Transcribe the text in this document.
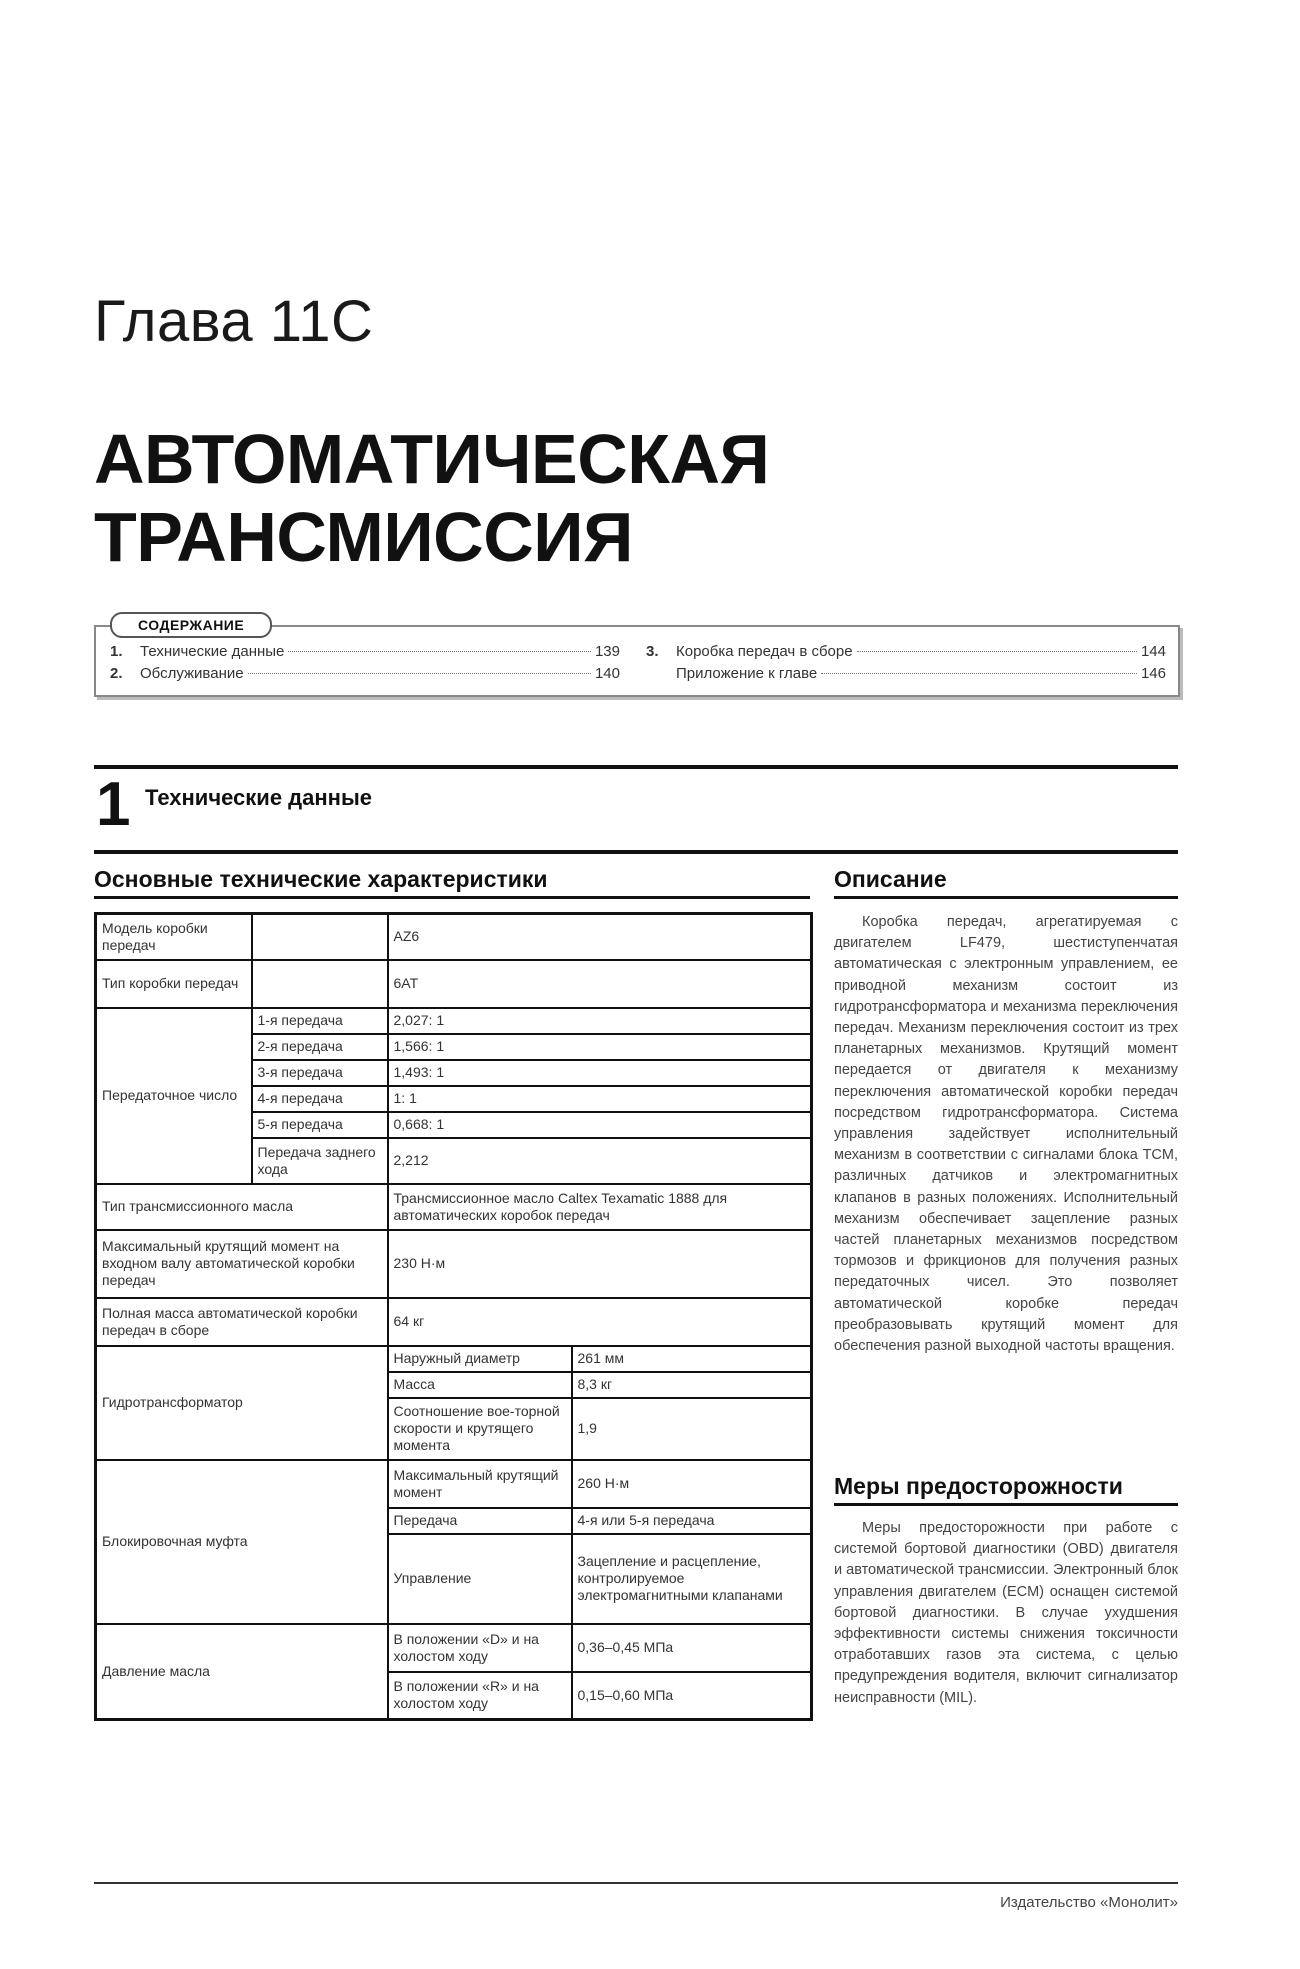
Глава 11С
АВТОМАТИЧЕСКАЯ
ТРАНСМИССИЯ
СОДЕРЖАНИЕ
1.	Технические данные	139
2.	Обслуживание	140
3.	Коробка передач в сборе	144
Приложение к главе	146
1 Технические данные
Основные технические характеристики	Описание
Модель коробки передач		AZ6	
Тип коробки передач		6AT	
Передаточное число	1-я передача	2,027: 1	
	2-я передача	1,566: 1	
	3-я передача	1,493: 1	
	4-я передача	1: 1	
	5-я передача	0,668: 1	
	Передача заднего хода	2,212	
Тип трансмиссионного масла		Трансмиссионное масло Caltex Texamatic 1888 для автоматических коробок передач	
Максимальный крутящий момент на входном валу автоматической коробки передач		230 Н·м	
Полная масса автоматической коробки передач в сборе		64 кг	
Гидротрансформатор		Наружный диаметр	261 мм
		Масса	8,3 кг
		Соотношение вое-торной скорости и крутящего момента	1,9
Блокировочная муфта		Максимальный крутящий момент	260 Н·м
		Передача	4-я или 5-я передача
		Управление	Зацепление и расцепление, контролируемое электромагнитными клапанами
Давление масла		В положении «D» и на холостом ходу	0,36–0,45 МПа
		В положении «R» и на холостом ходу	0,15–0,60 МПа

Коробка передач, агрегатируемая с двигателем LF479, шестиступенчатая автоматическая с электронным управлением, ее приводной механизм состоит из гидротрансформатора и механизма переключения передач. Механизм переключения состоит из трех планетарных механизмов. Крутящий момент передается от двигателя к механизму переключения автоматической коробки передач посредством гидротрансформатора. Система управления задействует исполнительный механизм в соответствии с сигналами блока TCM, различных датчиков и электромагнитных клапанов в разных положениях. Исполнительный механизм обеспечивает зацепление разных частей планетарных механизмов посредством тормозов и фрикционов для получения разных передаточных чисел. Это позволяет автоматической коробке передач преобразовывать крутящий момент для обеспечения разной выходной частоты вращения.

Меры предосторожности

Меры предосторожности при работе с системой бортовой диагностики (OBD) двигателя и автоматической трансмиссии. Электронный блок управления двигателем (ECM) оснащен системой бортовой диагностики. В случае ухудшения эффективности системы снижения токсичности отработавших газов эта система, с целью предупреждения водителя, включит сигнализатор неисправности (MIL).

Издательство «Монолит»
